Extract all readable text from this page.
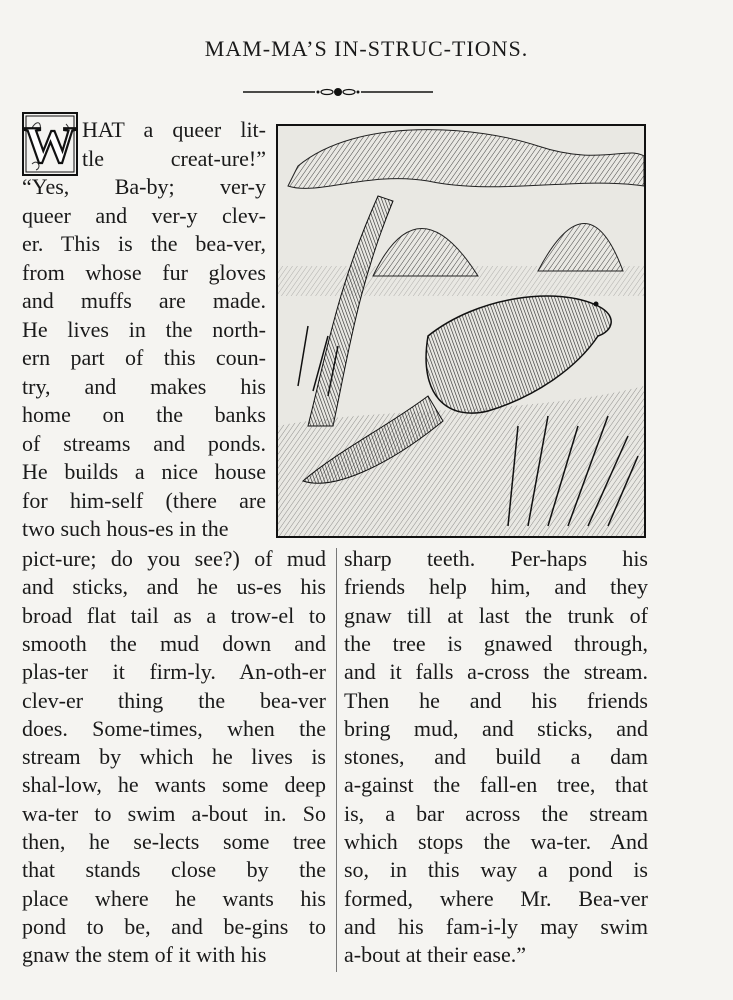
MAM-MA’S IN-STRUC-TIONS.
W HAT a queer lit-
tle creat-ure!”
“Yes, Ba-by; ver-y
queer and ver-y clev-
er. This is the bea-ver,
from whose fur gloves
and muffs are made.
He lives in the north-
ern part of this coun-
try, and makes his
home on the banks
of streams and ponds.
He builds a nice house
for him-self (there are
two such hous-es in the
pict-ure; do you see?) of mud
and sticks, and he us-es his
broad flat tail as a trow-el to
smooth the mud down and
plas-ter it firm-ly. An-oth-er
clev-er thing the bea-ver
does. Some-times, when the
stream by which he lives is
shal-low, he wants some deep
wa-ter to swim a-bout in. So
then, he se-lects some tree
that stands close by the
place where he wants his
pond to be, and be-gins to
gnaw the stem of it with his
sharp teeth. Per-haps his
friends help him, and they
gnaw till at last the trunk of
the tree is gnawed through,
and it falls a-cross the stream.
Then he and his friends
bring mud, and sticks, and
stones, and build a dam
a-gainst the fall-en tree, that
is, a bar across the stream
which stops the wa-ter. And
so, in this way a pond is
formed, where Mr. Bea-ver
and his fam-i-ly may swim
a-bout at their ease.”
